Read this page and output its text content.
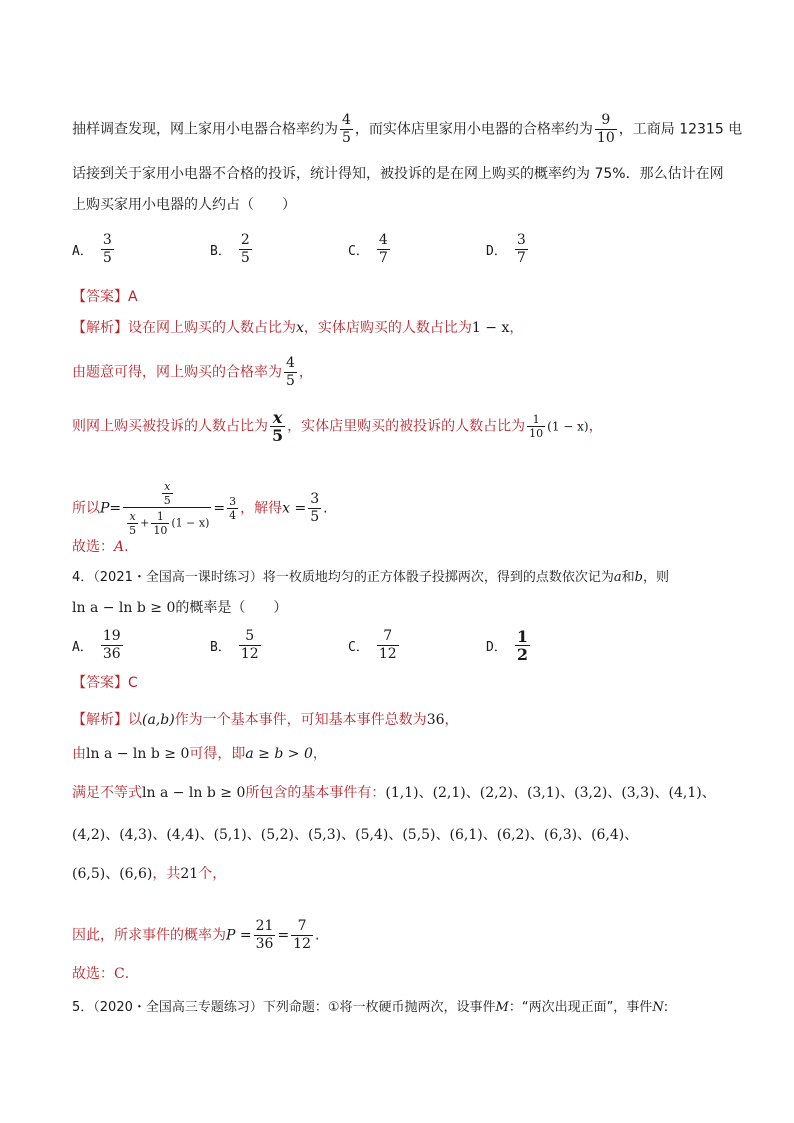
抽样调查发现，网上家用小电器合格率约为 $\frac{4}{5}$ ，而实体店里家用小电器的合格率约为 $\frac{9}{10}$ ，工商局 12315 电
话接到关于家用小电器不合格的投诉，统计得知，被投诉的是在网上购买的概率约为 75%．那么估计在网
上购买家用小电器的人约占（　　）
A． $\frac{3}{5}$	B． $\frac{2}{5}$	C． $\frac{4}{7}$	D． $\frac{3}{7}$
【答案】A
【解析】设在网上购买的人数占比为x，实体店购买的人数占比为1 − x，
由题意可得，网上购买的合格率为 $\frac{4}{5}$ ，
则网上购买被投诉的人数占比为 $\frac{x}{5}$ ，实体店里购买的被投诉的人数占比为 $\frac{1}{10} (1 - x)$，
所以$P= \frac{\frac{x}{5}}{\frac{x}{5} + \frac{1}{10} (1 - x)} = \frac{3}{4}$ ，解得$x = \frac{3}{5}$ .
故选：A.
4．（2021・全国高一课时练习）将一枚质地均匀的正方体骰子投掷两次，得到的点数依次记为a和b，则
ln a − ln b ≥ 0的概率是（　　）
A． $\frac{19}{36}$	B． $\frac{5}{12}$	C． $\frac{7}{12}$	D． $\frac{1}{2}$
【答案】C
【解析】以(a,b)作为一个基本事件，可知基本事件总数为36，
由ln a − ln b ≥ 0可得，即a ≥ b > 0，
满足不等式ln a − ln b ≥ 0所包含的基本事件有：(1,1)、(2,1)、(2,2)、(3,1)、(3,2)、(3,3)、(4,1)、
(4,2)、(4,3)、(4,4)、(5,1)、(5,2)、(5,3)、(5,4)、(5,5)、(6,1)、(6,2)、(6,3)、(6,4)、
(6,5)、(6,6)，共21个，
因此，所求事件的概率为$P = \frac{21}{36} = \frac{7}{12}$ .
故选：C.
5．（2020・全国高三专题练习）下列命题：①将一枚硬币抛两次，设事件M：“两次出现正面”，事件N:
